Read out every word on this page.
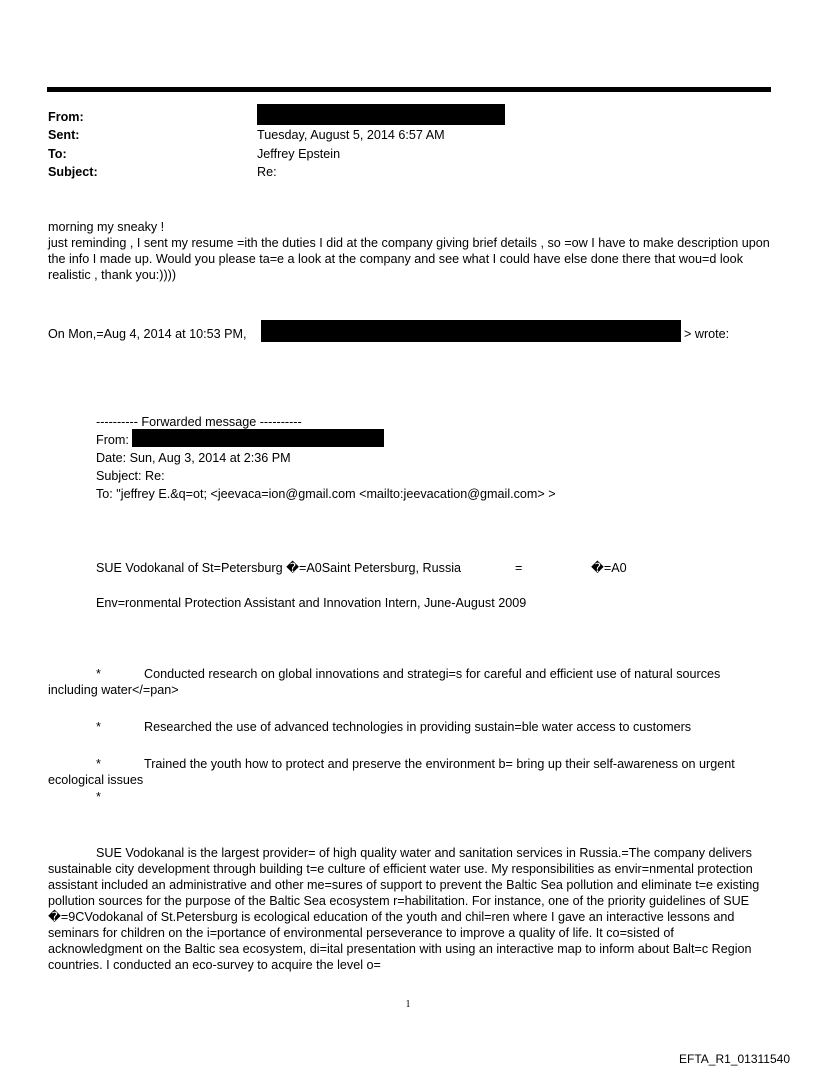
From:
Sent:	Tuesday, August 5, 2014 6:57 AM
To:	Jeffrey Epstein
Subject:	Re:
morning my sneaky !
just reminding , I sent my resume =ith the duties I did at the company giving brief details , so =ow I have to make description upon the info I made up. Would you please ta=e a look at the company and see what I could have else done there that wou=d look realistic , thank you:))))
On Mon,=Aug 4, 2014 at 10:53 PM,	> wrote:
---------- Forwarded message ----------
From:
Date: Sun, Aug 3, 2014 at 2:36 PM
Subject: Re:
To: "jeffrey E.&q=ot; <jeevaca=ion@gmail.com <mailto:jeevacation@gmail.com> >
SUE Vodokanal of St=Petersburg �=A0Saint Petersburg, Russia	=	�=A0
Env=ronmental Protection Assistant and Innovation Intern, June-August 2009
*	Conducted research on global innovations and strategi=s for careful and efficient use of natural sources including water</=pan>
*	Researched the use of advanced technologies in providing sustain=ble water access to customers
*	Trained the youth how to protect and preserve the environment b= bring up their self-awareness on urgent ecological issues
*
SUE Vodokanal is the largest provider= of high quality water and sanitation services in Russia.=The company delivers sustainable city development through building t=e culture of efficient water use. My responsibilities as envir=nmental protection assistant included an administrative and other me=sures of support to prevent the Baltic Sea pollution and eliminate t=e existing pollution sources for the purpose of the Baltic Sea ecosystem r=habilitation. For instance, one of the priority guidelines of SUE �=9CVodokanal of St.Petersburg is ecological education of the youth and chil=ren where I gave an interactive lessons and seminars for children on the i=portance of environmental perseverance to improve a quality of life. It co=sisted of acknowledgment on the Baltic sea ecosystem, di=ital presentation with using an interactive map to inform about Balt=c Region countries. I conducted an eco-survey to acquire the level o=
1
EFTA_R1_01311540
